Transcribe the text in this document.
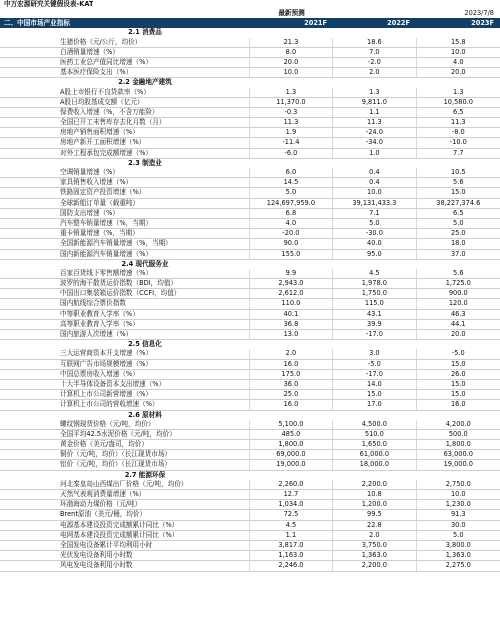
中万宏源研究关键假设表-KAT
最新预测	2023/7/8
二、中国市场产业指标	2021F	2022F	2023F
2.1 消费品
生猪价格（元/公斤，均价）	21.3	18.6	15.8
白酒销量增速（%）	8.0	7.0	10.0
医药工业总产值同比增速（%）	20.0	-2.0	4.0
基本医疗保险支出（%）	10.0	2.0	20.0
2.2 金融地产建筑
A股上市银行不良贷款率（%）	1.3	1.3	1.3
A股日均股基成交额（亿元）	11,370.0	9,811.0	10,580.0
保费收入增速（%，不含万能险）	-0.3	1.1	6.5
全国已开工未售库存去化月数（月）	11.3	11.3	11.3
房地产销售面积增速（%）	1.9	-24.0	-8.0
房地产新开工面积增速（%）	-11.4	-34.0	-10.0
对外工程承包完成额增速（%）	-6.0	1.0	7.7
2.3 制造业
空调销量增速（%）	6.0	0.4	10.5
家具销售收入增速（%）	14.5	0.4	5.6
铁路固定资产投资增速（%）	5.0	10.0	15.0
全球新船订单量（载重吨）	124,697,959.0	39,131,433.3	38,227,374.6
国防支出增速（%）	6.8	7.1	6.5
汽车整车销量增速（%，当期）	4.0	5.0	5.0
重卡销量增速（%，当期）	-20.0	-30.0	25.0
全国新能源汽车销量增速（%，当期）	90.0	40.0	18.0
国内新能源汽车销量增速（%）	155.0	95.0	37.0
2.4 现代服务业
百家百货线下零售额增速（%）	9.9	4.5	5.6
波罗的海干散货运价指数（BDI，均值）	2,943.0	1,978.0	1,725.0
中国出口集装箱运价指数（CCFI，均值）	2,612.0	1,750.0	900.0
国内航线综合票价指数	110.0	115.0	120.0
中等职业教育入学率（%）	40.1	43.1	46.3
高等职业教育入学率（%）	36.8	39.9	44.1
国内旅游人次增速（%）	13.0	-17.0	20.0
2.5 信息化
三大运营商资本开支增速（%）	2.0	3.0	-5.0
互联网广告市场规模增速（%）	16.0	-5.0	15.0
中国总票房收入增速（%）	175.0	-17.0	26.0
十大半导体设备资本支出增速（%）	36.0	14.0	15.0
计算机上市公司新营增速（%）	25.0	15.0	15.0
计算机上市公司的营收增速（%）	16.0	17.0	16.0
2.6 原材料
螺纹钢现货价格（元/吨，均价）	5,100.0	4,500.0	4,200.0
全国平均42.5水泥价格（元/吨，均价）	485.0	510.0	500.0
黄金价格（美元/盎司，均价）	1,800.0	1,650.0	1,800.0
铜价（元/吨，均价）（长江现货市场）	69,000.0	61,000.0	63,000.0
铝价（元/吨，均价）（长江现货市场）	19,000.0	18,000.0	19,000.0
2.7 能源环保
河北秦皇岛山西煤出厂价格（元/吨，均价）	2,260.0	2,200.0	2,750.0
天然气表观消费量增速（%）	12.7	10.8	10.0
环渤海动力煤价格（元/吨）	1,034.0	1,200.0	1,230.0
Brent原油（美元/桶，均价）	72.5	99.5	91.3
电源基本建设投资完成额累计同比（%）	4.5	22.8	30.0
电网基本建设投资完成额累计同比（%）	1.1	2.0	5.0
全国发电设备累计平均利用小时	3,817.0	3,750.0	3,800.0
光伏发电设备利用小时数	1,163.0	1,363.0	1,363.0
风电发电设备利用小时数	2,246.0	2,200.0	2,275.0
